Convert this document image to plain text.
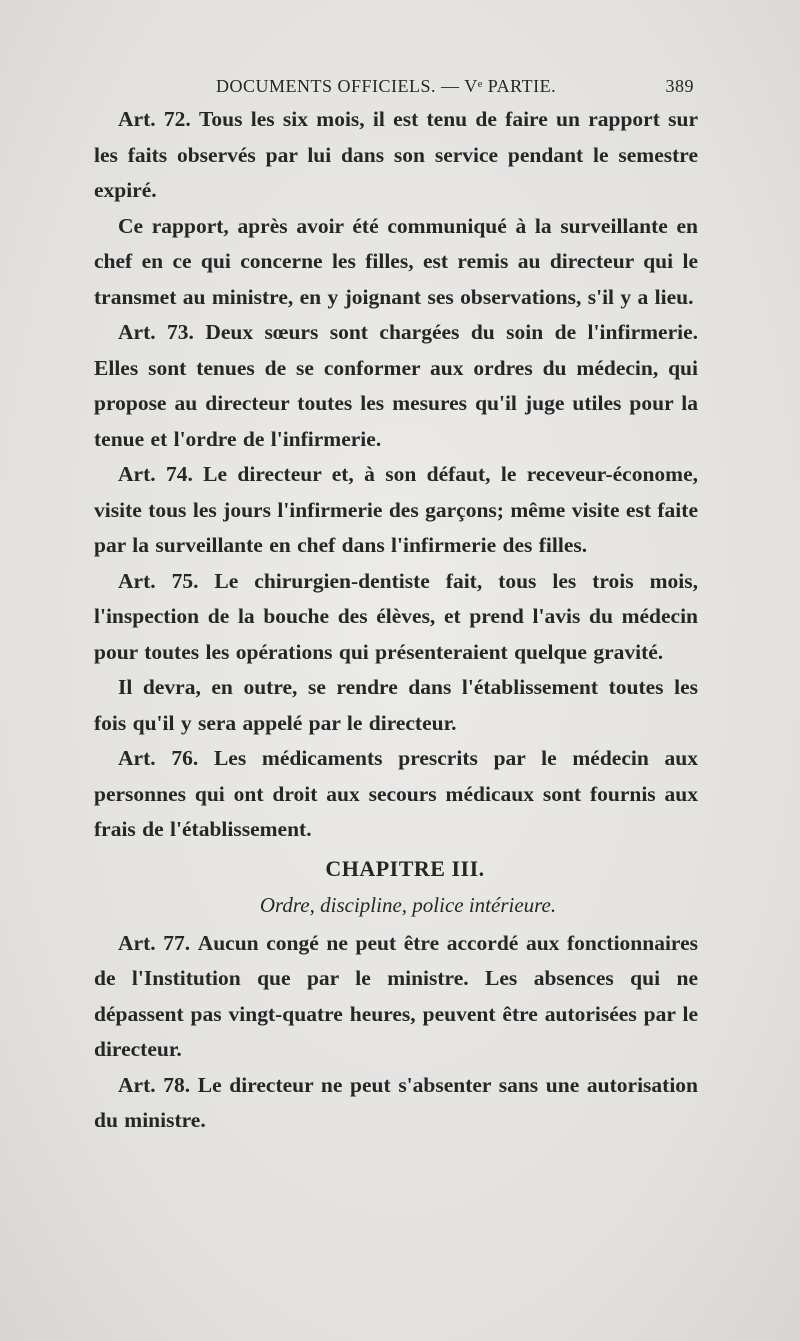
DOCUMENTS OFFICIELS. — Vᵉ PARTIE.	389

Art. 72. Tous les six mois, il est tenu de faire un rapport sur les faits observés par lui dans son service pendant le semestre expiré.

Ce rapport, après avoir été communiqué à la surveillante en chef en ce qui concerne les filles, est remis au directeur qui le transmet au ministre, en y joignant ses observations, s'il y a lieu.

Art. 73. Deux sœurs sont chargées du soin de l'infirmerie. Elles sont tenues de se conformer aux ordres du médecin, qui propose au directeur toutes les mesures qu'il juge utiles pour la tenue et l'ordre de l'infirmerie.

Art. 74. Le directeur et, à son défaut, le receveur-économe, visite tous les jours l'infirmerie des garçons; même visite est faite par la surveillante en chef dans l'infirmerie des filles.

Art. 75. Le chirurgien-dentiste fait, tous les trois mois, l'inspection de la bouche des élèves, et prend l'avis du médecin pour toutes les opérations qui présenteraient quelque gravité.

Il devra, en outre, se rendre dans l'établissement toutes les fois qu'il y sera appelé par le directeur.

Art. 76. Les médicaments prescrits par le médecin aux personnes qui ont droit aux secours médicaux sont fournis aux frais de l'établissement.

CHAPITRE III.
Ordre, discipline, police intérieure.

Art. 77. Aucun congé ne peut être accordé aux fonctionnaires de l'Institution que par le ministre. Les absences qui ne dépassent pas vingt-quatre heures, peuvent être autorisées par le directeur.

Art. 78. Le directeur ne peut s'absenter sans une autorisation du ministre.
